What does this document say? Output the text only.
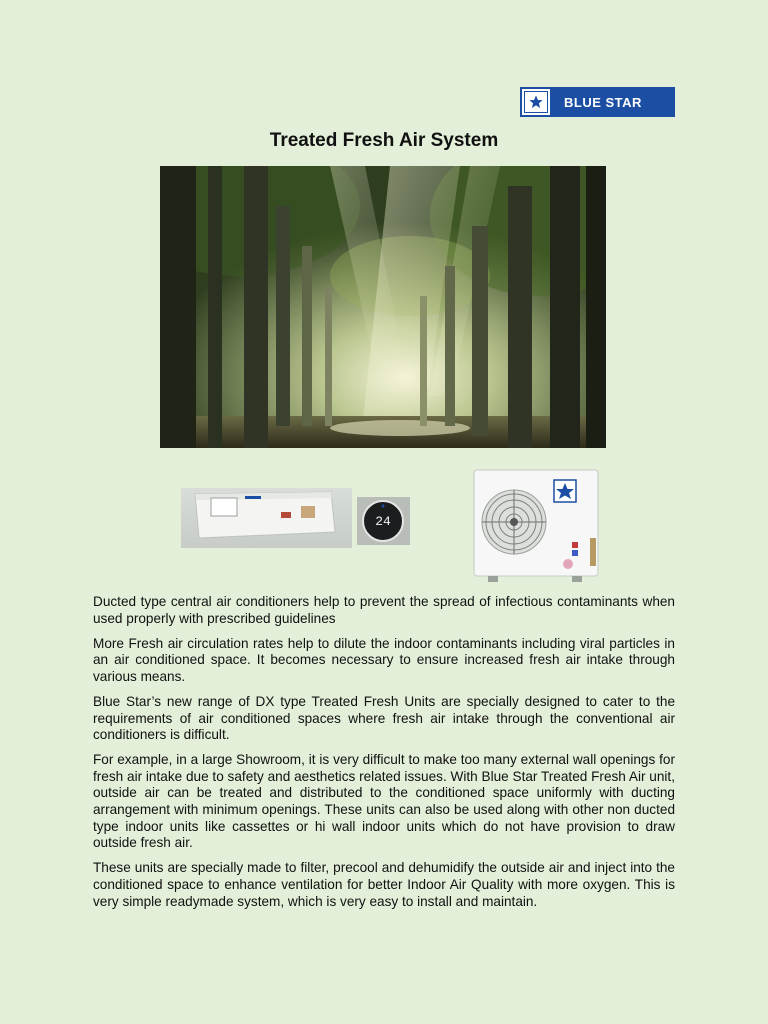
BLUE STAR
Treated Fresh Air System
24

Ducted type central air conditioners help to prevent the spread of infectious contaminants when used properly with prescribed guidelines

More Fresh air circulation rates help to dilute the indoor contaminants including viral particles in an air conditioned space. It becomes necessary to ensure increased fresh air intake through various means.

Blue Star’s new range of DX type Treated Fresh Units are specially designed to cater to the requirements of air conditioned spaces where fresh air intake through the conventional air conditioners is difficult.

For example, in a large Showroom, it is very difficult to make too many external wall openings for fresh air intake due to safety and aesthetics related issues. With Blue Star Treated Fresh Air unit, outside air can be treated and distributed to the conditioned space uniformly with ducting arrangement with minimum openings. These units can also be used along with other non ducted type indoor units like cassettes or hi wall indoor units which do not have provision to draw outside fresh air.

These units are specially made to filter, precool and dehumidify the outside air and inject into the conditioned space to enhance ventilation for better Indoor Air Quality with more oxygen. This is very simple readymade system, which is very easy to install and maintain.
